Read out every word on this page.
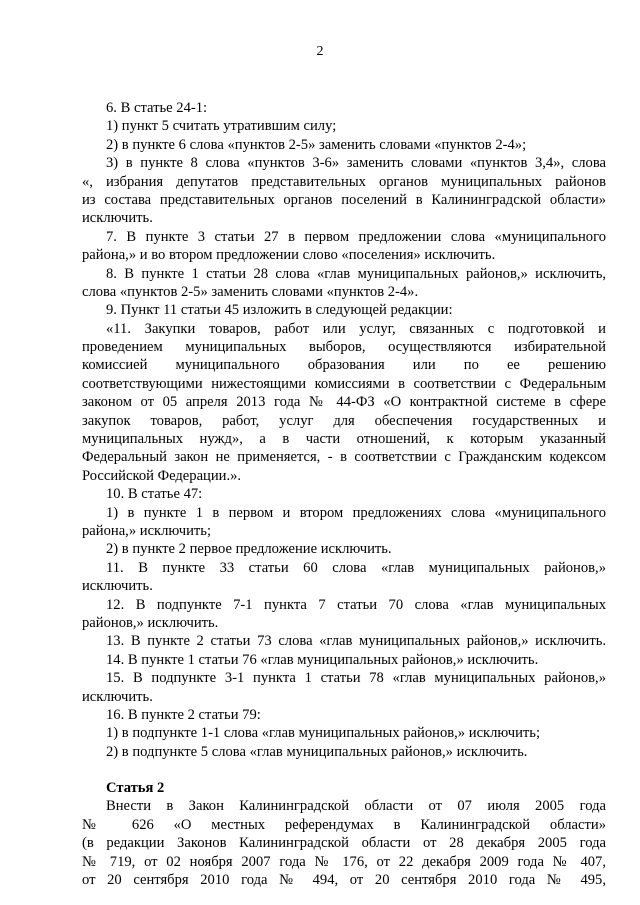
2
6. В статье 24-1:
1) пункт 5 считать утратившим силу;
2) в пункте 6 слова «пунктов 2-5» заменить словами «пунктов 2-4»;
3) в пункте 8 слова «пунктов 3-6» заменить словами «пунктов 3,4», слова
«, избрания депутатов представительных органов муниципальных районов
из состава представительных органов поселений в Калининградской области»
исключить.
7. В пункте 3 статьи 27 в первом предложении слова «муниципального
района,» и во втором предложении слово «поселения» исключить.
8. В пункте 1 статьи 28 слова «глав муниципальных районов,» исключить,
слова «пунктов 2-5» заменить словами «пунктов 2-4».
9. Пункт 11 статьи 45 изложить в следующей редакции:
«11. Закупки товаров, работ или услуг, связанных с подготовкой и
проведением муниципальных выборов, осуществляются избирательной
комиссией муниципального образования или по ее решению
соответствующими нижестоящими комиссиями в соответствии с Федеральным
законом от 05 апреля 2013 года № 44-ФЗ «О контрактной системе в сфере
закупок товаров, работ, услуг для обеспечения государственных и
муниципальных нужд», а в части отношений, к которым указанный
Федеральный закон не применяется, - в соответствии с Гражданским кодексом
Российской Федерации.».
10. В статье 47:
1) в пункте 1 в первом и втором предложениях слова «муниципального
района,» исключить;
2) в пункте 2 первое предложение исключить.
11. В пункте 33 статьи 60 слова «глав муниципальных районов,»
исключить.
12. В подпункте 7-1 пункта 7 статьи 70 слова «глав муниципальных
районов,» исключить.
13. В пункте 2 статьи 73 слова «глав муниципальных районов,» исключить.
14. В пункте 1 статьи 76 «глав муниципальных районов,» исключить.
15. В подпункте 3-1 пункта 1 статьи 78 «глав муниципальных районов,»
исключить.
16. В пункте 2 статьи 79:
1) в подпункте 1-1 слова «глав муниципальных районов,» исключить;
2) в подпункте 5 слова «глав муниципальных районов,» исключить.
Статья 2
Внести в Закон Калининградской области от 07 июля 2005 года
№ 626 «О местных референдумах в Калининградской области»
(в редакции Законов Калининградской области от 28 декабря 2005 года
№ 719, от 02 ноября 2007 года № 176, от 22 декабря 2009 года № 407,
от 20 сентября 2010 года № 494, от 20 сентября 2010 года № 495,
